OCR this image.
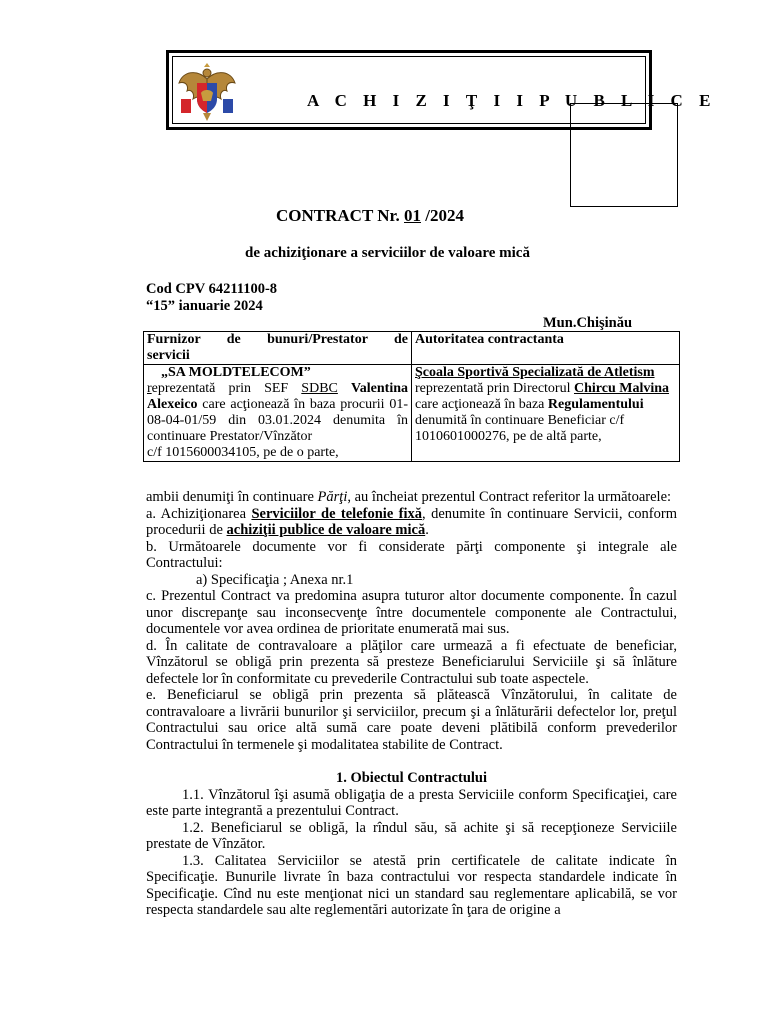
A C H I Z I Ţ I I P U B L I C E
CONTRACT Nr. 01 /2024
de achiziţionare a serviciilor de valoare mică
Cod CPV 64211100-8
“15” ianuarie 2024
Mun.Chişinău
Furnizor de bunuri/Prestator de
servicii	Autoritatea contractanta

„SA MOLDTELECOM”
reprezentată prin SEF SDBC Valentina Alexeico care acţionează în baza procurii 01-08-04-01/59 din 03.01.2024 denumita în continuare Prestator/Vînzător
c/f 1015600034105, pe de o parte,	Şcoala Sportivă Specializată de Atletism reprezentată prin Directorul Chircu Malvina care acţionează în baza Regulamentului denumită în continuare Beneficiar c/f 1010601000276, pe de altă parte,

ambii denumiţi în continuare Părţi, au încheiat prezentul Contract referitor la următoarele:

a. Achiziţionarea Serviciilor de telefonie fixă, denumite în continuare Servicii, conform procedurii de achiziţii publice de valoare mică.

b. Următoarele documente vor fi considerate părţi componente şi integrale ale Contractului:

a) Specificaţia ; Anexa nr.1

c. Prezentul Contract va predomina asupra tuturor altor documente componente. În cazul unor discrepanţe sau inconsecvenţe între documentele componente ale Contractului, documentele vor avea ordinea de prioritate enumerată mai sus.

d. În calitate de contravaloare a plăţilor care urmează a fi efectuate de beneficiar, Vînzătorul se obligă prin prezenta să presteze Beneficiarului Serviciile şi să înlăture defectele lor în conformitate cu prevederile Contractului sub toate aspectele.

e. Beneficiarul se obligă prin prezenta să plătească Vînzătorului, în calitate de contravaloare a livrării bunurilor şi serviciilor, precum şi a înlăturării defectelor lor, preţul Contractului sau orice altă sumă care poate deveni plătibilă conform prevederilor Contractului în termenele şi modalitatea stabilite de Contract.

1. Obiectul Contractului

1.1. Vînzătorul îşi asumă obligaţia de a presta Serviciile conform Specificaţiei, care este parte integrantă a prezentului Contract.

1.2. Beneficiarul se obligă, la rîndul său, să achite şi să recepţioneze Serviciile prestate de Vînzător.

1.3. Calitatea Serviciilor se atestă prin certificatele de calitate indicate în Specificaţie. Bunurile livrate în baza contractului vor respecta standardele indicate în Specificaţie. Cînd nu este menţionat nici un standard sau reglementare aplicabilă, se vor respecta standardele sau alte reglementări autorizate în ţara de origine a
